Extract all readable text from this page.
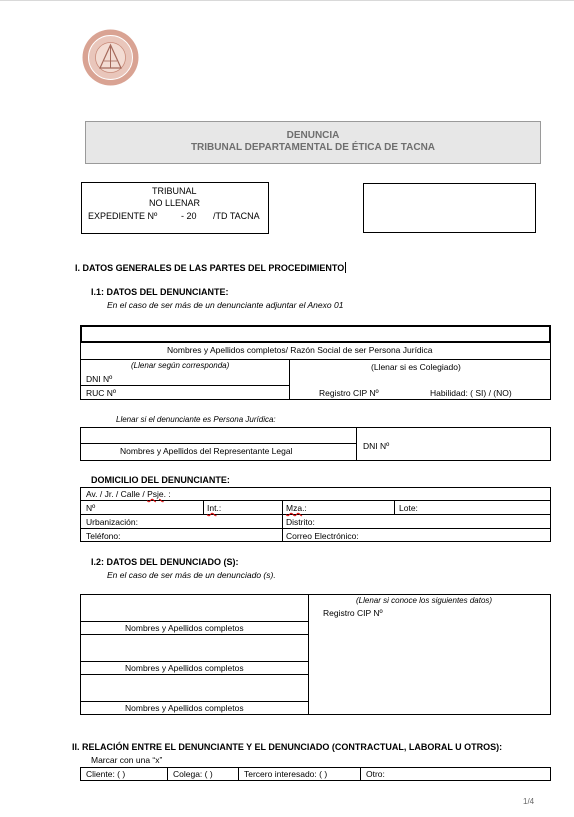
DENUNCIA
TRIBUNAL DEPARTAMENTAL DE ÉTICA DE TACNA
TRIBUNAL
NO LLENAR
EXPEDIENTE Nº	- 20 /TD TACNA
I. DATOS GENERALES DE LAS PARTES DEL PROCEDIMIENTO
I.1: DATOS DEL DENUNCIANTE:
En el caso de ser más de un denunciante adjuntar el Anexo 01
Nombres y Apellidos completos/ Razón Social de ser Persona Jurídica
(Llenar según corresponda)	(Llenar si es Colegiado)
DNI Nº
RUC Nº	Registro CIP Nº	Habilidad: ( SI) / (NO)
Llenar si el denunciante es Persona Jurídica:
Nombres y Apellidos del Representante Legal	DNI Nº
DOMICILIO DEL DENUNCIANTE:
Av. / Jr. / Calle / Psje. :
Nº	Int.:	Mza.:	Lote:
Urbanización:	Distrito:
Teléfono:	Correo Electrónico:
I.2: DATOS DEL DENUNCIADO (S):
En el caso de ser más de un denunciado (s).
Nombres y Apellidos completos
Nombres y Apellidos completos
Nombres y Apellidos completos
(Llenar si conoce los siguientes datos)
Registro CIP Nº
II. RELACIÓN ENTRE EL DENUNCIANTE Y EL DENUNCIADO (CONTRACTUAL, LABORAL U OTROS):
Marcar con una “x”
Cliente: ( )	Colega: ( )	Tercero interesado: ( )	Otro:
1/4
